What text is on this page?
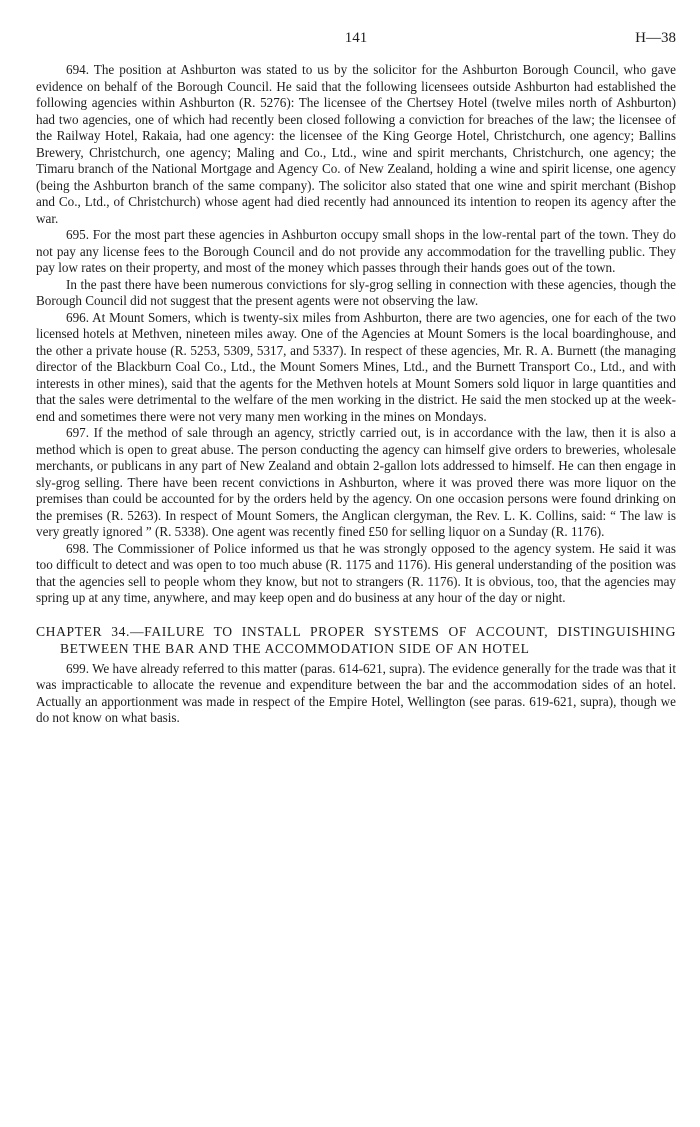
141	H—38

694. The position at Ashburton was stated to us by the solicitor for the Ashburton Borough Council, who gave evidence on behalf of the Borough Council. He said that the following licensees outside Ashburton had established the following agencies within Ashburton (R. 5276): The licensee of the Chertsey Hotel (twelve miles north of Ashburton) had two agencies, one of which had recently been closed following a conviction for breaches of the law; the licensee of the Railway Hotel, Rakaia, had one agency: the licensee of the King George Hotel, Christchurch, one agency; Ballins Brewery, Christchurch, one agency; Maling and Co., Ltd., wine and spirit merchants, Christchurch, one agency; the Timaru branch of the National Mortgage and Agency Co. of New Zealand, holding a wine and spirit license, one agency (being the Ashburton branch of the same company). The solicitor also stated that one wine and spirit merchant (Bishop and Co., Ltd., of Christchurch) whose agent had died recently had announced its intention to reopen its agency after the war.

695. For the most part these agencies in Ashburton occupy small shops in the low-rental part of the town. They do not pay any license fees to the Borough Council and do not provide any accommodation for the travelling public. They pay low rates on their property, and most of the money which passes through their hands goes out of the town.

In the past there have been numerous convictions for sly-grog selling in connection with these agencies, though the Borough Council did not suggest that the present agents were not observing the law.

696. At Mount Somers, which is twenty-six miles from Ashburton, there are two agencies, one for each of the two licensed hotels at Methven, nineteen miles away. One of the Agencies at Mount Somers is the local boardinghouse, and the other a private house (R. 5253, 5309, 5317, and 5337). In respect of these agencies, Mr. R. A. Burnett (the managing director of the Blackburn Coal Co., Ltd., the Mount Somers Mines, Ltd., and the Burnett Transport Co., Ltd., and with interests in other mines), said that the agents for the Methven hotels at Mount Somers sold liquor in large quantities and that the sales were detrimental to the welfare of the men working in the district. He said the men stocked up at the week-end and sometimes there were not very many men working in the mines on Mondays.

697. If the method of sale through an agency, strictly carried out, is in accordance with the law, then it is also a method which is open to great abuse. The person conducting the agency can himself give orders to breweries, wholesale merchants, or publicans in any part of New Zealand and obtain 2-gallon lots addressed to himself. He can then engage in sly-grog selling. There have been recent convictions in Ashburton, where it was proved there was more liquor on the premises than could be accounted for by the orders held by the agency. On one occasion persons were found drinking on the premises (R. 5263). In respect of Mount Somers, the Anglican clergyman, the Rev. L. K. Collins, said: “ The law is very greatly ignored ” (R. 5338). One agent was recently fined £50 for selling liquor on a Sunday (R. 1176).

698. The Commissioner of Police informed us that he was strongly opposed to the agency system. He said it was too difficult to detect and was open to too much abuse (R. 1175 and 1176). His general understanding of the position was that the agencies sell to people whom they know, but not to strangers (R. 1176). It is obvious, too, that the agencies may spring up at any time, anywhere, and may keep open and do business at any hour of the day or night.

CHAPTER 34.—FAILURE TO INSTALL PROPER SYSTEMS OF ACCOUNT, DISTINGUISHING BETWEEN THE BAR AND THE ACCOMMODATION SIDE OF AN HOTEL

699. We have already referred to this matter (paras. 614-621, supra). The evidence generally for the trade was that it was impracticable to allocate the revenue and expenditure between the bar and the accommodation sides of an hotel. Actually an apportionment was made in respect of the Empire Hotel, Wellington (see paras. 619-621, supra), though we do not know on what basis.
